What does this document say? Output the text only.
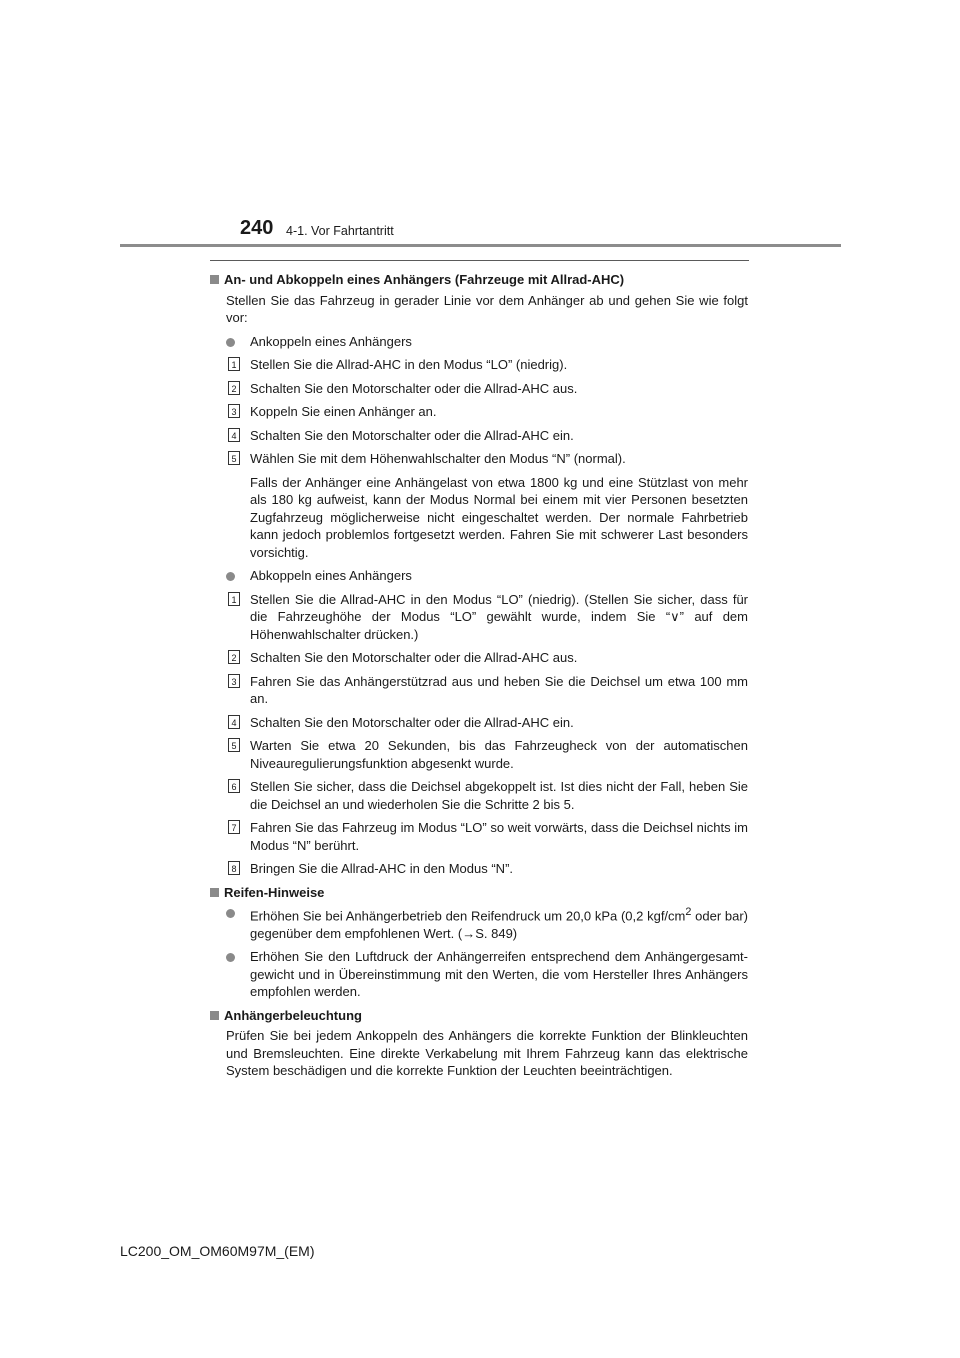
240 4-1. Vor Fahrtantritt

An- und Abkoppeln eines Anhängers (Fahrzeuge mit Allrad-AHC)

Stellen Sie das Fahrzeug in gerader Linie vor dem Anhänger ab und gehen Sie wie folgt vor:

Ankoppeln eines Anhängers

1 Stellen Sie die Allrad-AHC in den Modus “LO” (niedrig).
2 Schalten Sie den Motorschalter oder die Allrad-AHC aus.
3 Koppeln Sie einen Anhänger an.
4 Schalten Sie den Motorschalter oder die Allrad-AHC ein.
5 Wählen Sie mit dem Höhenwahlschalter den Modus “N” (normal).

Falls der Anhänger eine Anhängelast von etwa 1800 kg und eine Stützlast von mehr als 180 kg aufweist, kann der Modus Normal bei einem mit vier Personen besetzten Zugfahrzeug möglicherweise nicht eingeschaltet werden. Der normale Fahrbetrieb kann jedoch problemlos fortgesetzt werden. Fahren Sie mit schwerer Last besonders vorsichtig.

Abkoppeln eines Anhängers

1 Stellen Sie die Allrad-AHC in den Modus “LO” (niedrig). (Stellen Sie sicher, dass für die Fahrzeughöhe der Modus “LO” gewählt wurde, indem Sie “∨” auf dem Höhenwahlschalter drücken.)
2 Schalten Sie den Motorschalter oder die Allrad-AHC aus.
3 Fahren Sie das Anhängerstützrad aus und heben Sie die Deichsel um etwa 100 mm an.
4 Schalten Sie den Motorschalter oder die Allrad-AHC ein.
5 Warten Sie etwa 20 Sekunden, bis das Fahrzeugheck von der automatischen Niveauregulierungsfunktion abgesenkt wurde.
6 Stellen Sie sicher, dass die Deichsel abgekoppelt ist. Ist dies nicht der Fall, heben Sie die Deichsel an und wiederholen Sie die Schritte 2 bis 5.
7 Fahren Sie das Fahrzeug im Modus “LO” so weit vorwärts, dass die Deichsel nichts im Modus “N” berührt.
8 Bringen Sie die Allrad-AHC in den Modus “N”.

Reifen-Hinweise

Erhöhen Sie bei Anhängerbetrieb den Reifendruck um 20,0 kPa (0,2 kgf/$cm^2$ oder bar) gegenüber dem empfohlenen Wert. (→S. 849)

Erhöhen Sie den Luftdruck der Anhängerreifen entsprechend dem Anhängergesamtgewicht und in Übereinstimmung mit den Werten, die vom Hersteller Ihres Anhängers empfohlen werden.

Anhängerbeleuchtung

Prüfen Sie bei jedem Ankoppeln des Anhängers die korrekte Funktion der Blinkleuchten und Bremsleuchten. Eine direkte Verkabelung mit Ihrem Fahrzeug kann das elektrische System beschädigen und die korrekte Funktion der Leuchten beeinträchtigen.

LC200_OM_OM60M97M_(EM)
